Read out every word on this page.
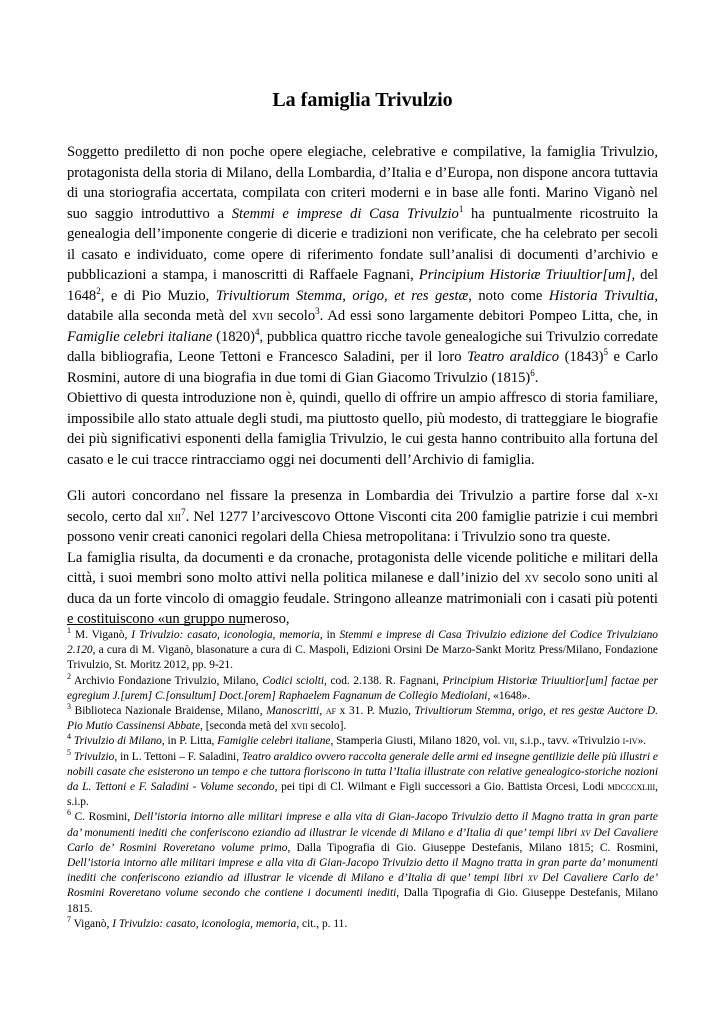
La famiglia Trivulzio

Soggetto prediletto di non poche opere elegiache, celebrative e compilative, la famiglia Trivulzio, protagonista della storia di Milano, della Lombardia, d’Italia e d’Europa, non dispone ancora tuttavia di una storiografia accertata, compilata con criteri moderni e in base alle fonti. Marino Viganò nel suo saggio introduttivo a Stemmi e imprese di Casa Trivulzio$^1$ ha puntualmente ricostruito la genealogia dell’imponente congerie di dicerie e tradizioni non verificate, che ha celebrato per secoli il casato e individuato, come opere di riferimento fondate sull’analisi di documenti d’archivio e pubblicazioni a stampa, i manoscritti di Raffaele Fagnani, Principium Historiæ Triuultior[um], del 1648$^2$, e di Pio Muzio, Trivultiorum Stemma, origo, et res gestæ, noto come Historia Trivultia, databile alla seconda metà del xvii secolo$^3$. Ad essi sono largamente debitori Pompeo Litta, che, in Famiglie celebri italiane $(1820)^4$, pubblica quattro ricche tavole genealogiche sui Trivulzio corredate dalla bibliografia, Leone Tettoni e Francesco Saladini, per il loro Teatro araldico $(1843)^5$ e Carlo Rosmini, autore di una biografia in due tomi di Gian Giacomo Trivulzio $(1815)^6$.

Obiettivo di questa introduzione non è, quindi, quello di offrire un ampio affresco di storia familiare, impossibile allo stato attuale degli studi, ma piuttosto quello, più modesto, di tratteggiare le biografie dei più significativi esponenti della famiglia Trivulzio, le cui gesta hanno contribuito alla fortuna del casato e le cui tracce rintracciamo oggi nei documenti dell’Archivio di famiglia.

Gli autori concordano nel fissare la presenza in Lombardia dei Trivulzio a partire forse dal x-xi secolo, certo dal xii$^7$. Nel 1277 l’arcivescovo Ottone Visconti cita 200 famiglie patrizie i cui membri possono venir creati canonici regolari della Chiesa metropolitana: i Trivulzio sono tra queste.

La famiglia risulta, da documenti e da cronache, protagonista delle vicende politiche e militari della città, i suoi membri sono molto attivi nella politica milanese e dall’inizio del xv secolo sono uniti al duca da un forte vincolo di omaggio feudale. Stringono alleanze matrimoniali con i casati più potenti e costituiscono «un gruppo numeroso,

$^1$ M. Viganò, I Trivulzio: casato, iconologia, memoria, in Stemmi e imprese di Casa Trivulzio edizione del Codice Trivulziano 2.120, a cura di M. Viganò, blasonature a cura di C. Maspoli, Edizioni Orsini De Marzo-Sankt Moritz Press/Milano, Fondazione Trivulzio, St. Moritz 2012, pp. 9-21.

$^2$ Archivio Fondazione Trivulzio, Milano, Codici sciolti, cod. 2.138. R. Fagnani, Principium Historiæ Triuultior[um] factae per egregium J.[urem] C.[onsultum] Doct.[orem] Raphaelem Fagnanum de Collegio Mediolani, «1648».

$^3$ Biblioteca Nazionale Braidense, Milano, Manoscritti, af x 31. P. Muzio, Trivultiorum Stemma, origo, et res gestæ Auctore D. Pio Mutio Cassinensi Abbate, [seconda metà del xvii secolo].

$^4$ Trivulzio di Milano, in P. Litta, Famiglie celebri italiane, Stamperia Giusti, Milano 1820, vol. vii, s.i.p., tavv. «Trivulzio i-iv».

$^5$ Trivulzio, in L. Tettoni – F. Saladini, Teatro araldico ovvero raccolta generale delle armi ed insegne gentilizie delle più illustri e nobili casate che esisterono un tempo e che tuttora fioriscono in tutta l’Italia illustrate con relative genealogico-storiche nozioni da L. Tettoni e F. Saladini - Volume secondo, pei tipi di Cl. Wilmant e Figli successori a Gio. Battista Orcesi, Lodi mdcccxliii, s.i.p.

$^6$ C. Rosmini, Dell’istoria intorno alle militari imprese e alla vita di Gian-Jacopo Trivulzio detto il Magno tratta in gran parte da’ monumenti inediti che conferiscono eziandio ad illustrar le vicende di Milano e d’Italia di que’ tempi libri xv Del Cavaliere Carlo de’ Rosmini Roveretano volume primo, Dalla Tipografia di Gio. Giuseppe Destefanis, Milano 1815; C. Rosmini, Dell’istoria intorno alle militari imprese e alla vita di Gian-Jacopo Trivulzio detto il Magno tratta in gran parte da’ monumenti inediti che conferiscono eziandio ad illustrar le vicende di Milano e d’Italia di que’ tempi libri xv Del Cavaliere Carlo de’ Rosmini Roveretano volume secondo che contiene i documenti inediti, Dalla Tipografia di Gio. Giuseppe Destefanis, Milano 1815.

$^7$ Viganò, I Trivulzio: casato, iconologia, memoria, cit., p. 11.
